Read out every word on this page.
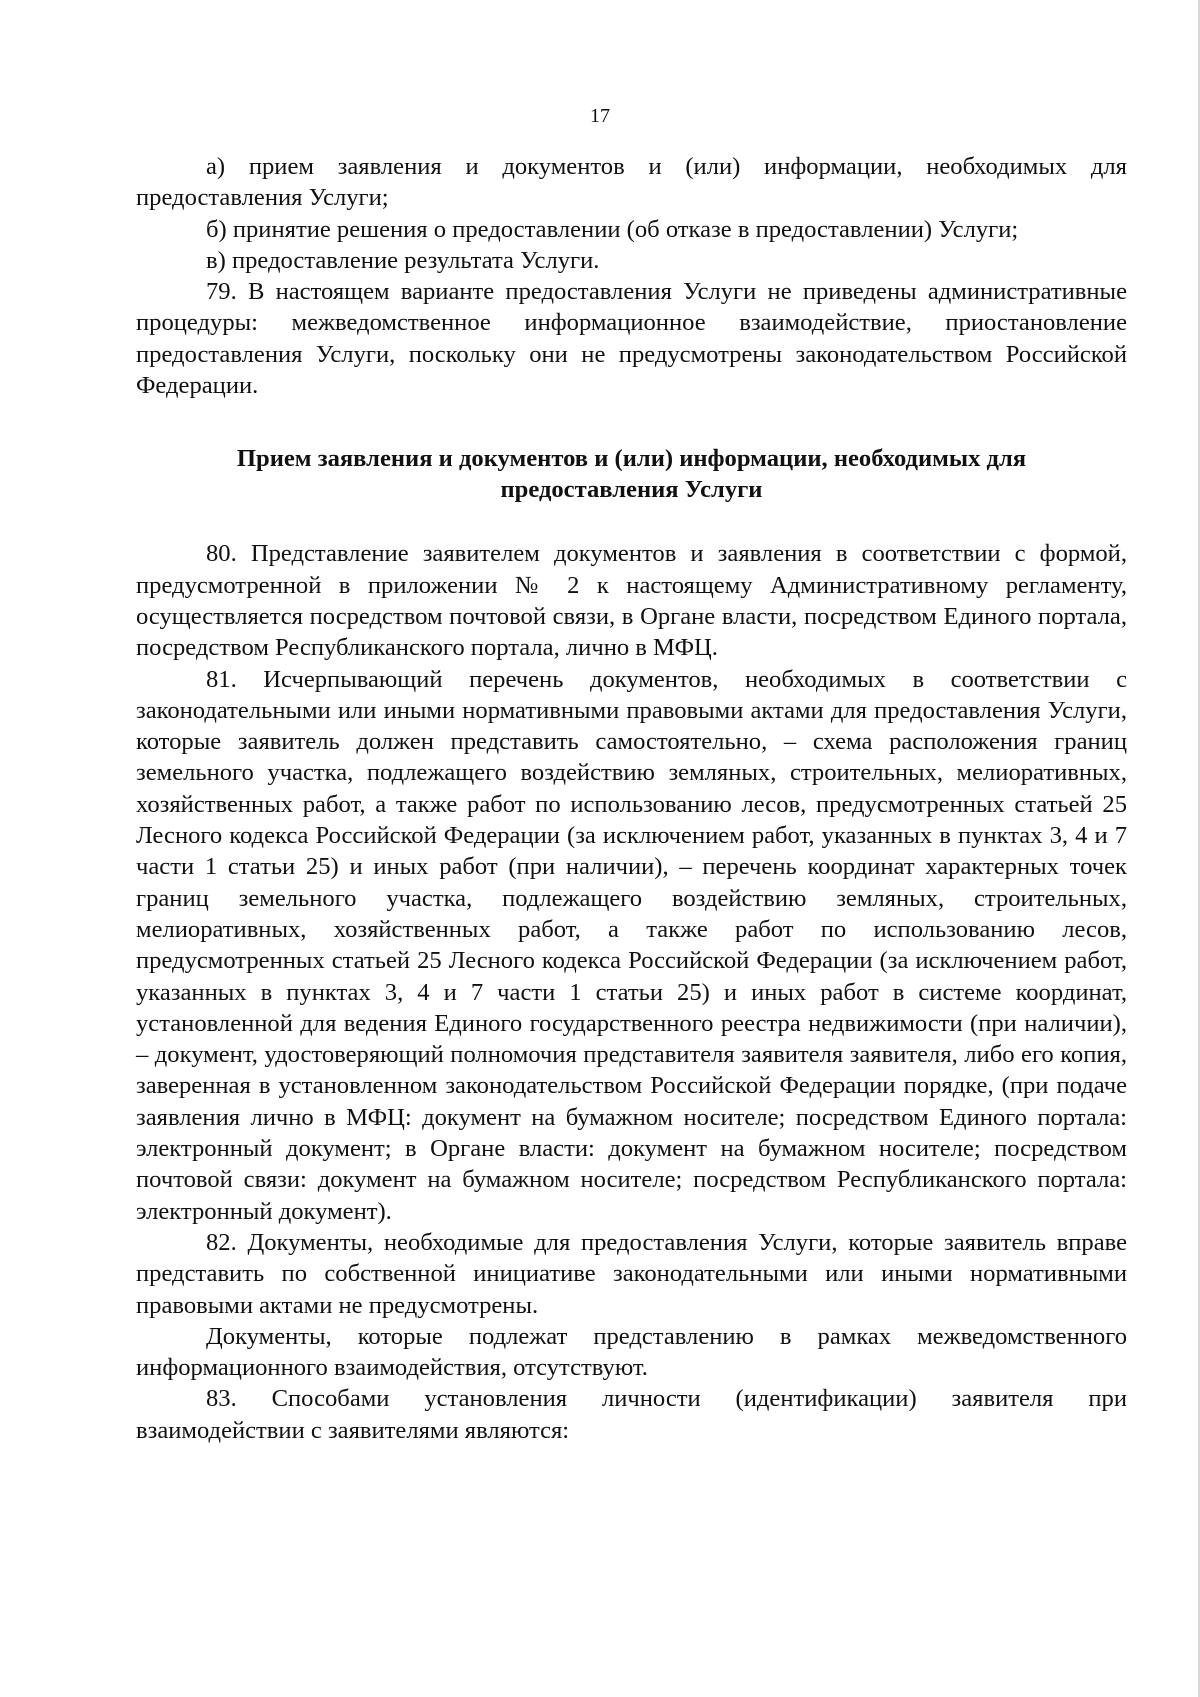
17

а) прием заявления и документов и (или) информации, необходимых для предоставления Услуги;

б) принятие решения о предоставлении (об отказе в предоставлении) Услуги;

в) предоставление результата Услуги.

79. В настоящем варианте предоставления Услуги не приведены административные процедуры: межведомственное информационное взаимодействие, приостановление предоставления Услуги, поскольку они не предусмотрены законодательством Российской Федерации.

Прием заявления и документов и (или) информации, необходимых для предоставления Услуги

80. Представление заявителем документов и заявления в соответствии с формой, предусмотренной в приложении № 2 к настоящему Административному регламенту, осуществляется посредством почтовой связи, в Органе власти, посредством Единого портала, посредством Республиканского портала, лично в МФЦ.

81. Исчерпывающий перечень документов, необходимых в соответствии с законодательными или иными нормативными правовыми актами для предоставления Услуги, которые заявитель должен представить самостоятельно, – схема расположения границ земельного участка, подлежащего воздействию земляных, строительных, мелиоративных, хозяйственных работ, а также работ по использованию лесов, предусмотренных статьей 25 Лесного кодекса Российской Федерации (за исключением работ, указанных в пунктах 3, 4 и 7 части 1 статьи 25) и иных работ (при наличии), – перечень координат характерных точек границ земельного участка, подлежащего воздействию земляных, строительных, мелиоративных, хозяйственных работ, а также работ по использованию лесов, предусмотренных статьей 25 Лесного кодекса Российской Федерации (за исключением работ, указанных в пунктах 3, 4 и 7 части 1 статьи 25) и иных работ в системе координат, установленной для ведения Единого государственного реестра недвижимости (при наличии), – документ, удостоверяющий полномочия представителя заявителя заявителя, либо его копия, заверенная в установленном законодательством Российской Федерации порядке, (при подаче заявления лично в МФЦ: документ на бумажном носителе; посредством Единого портала: электронный документ; в Органе власти: документ на бумажном носителе; посредством почтовой связи: документ на бумажном носителе; посредством Республиканского портала: электронный документ).

82. Документы, необходимые для предоставления Услуги, которые заявитель вправе представить по собственной инициативе законодательными или иными нормативными правовыми актами не предусмотрены.

Документы, которые подлежат представлению в рамках межведомственного информационного взаимодействия, отсутствуют.

83. Способами установления личности (идентификации) заявителя при взаимодействии с заявителями являются:
